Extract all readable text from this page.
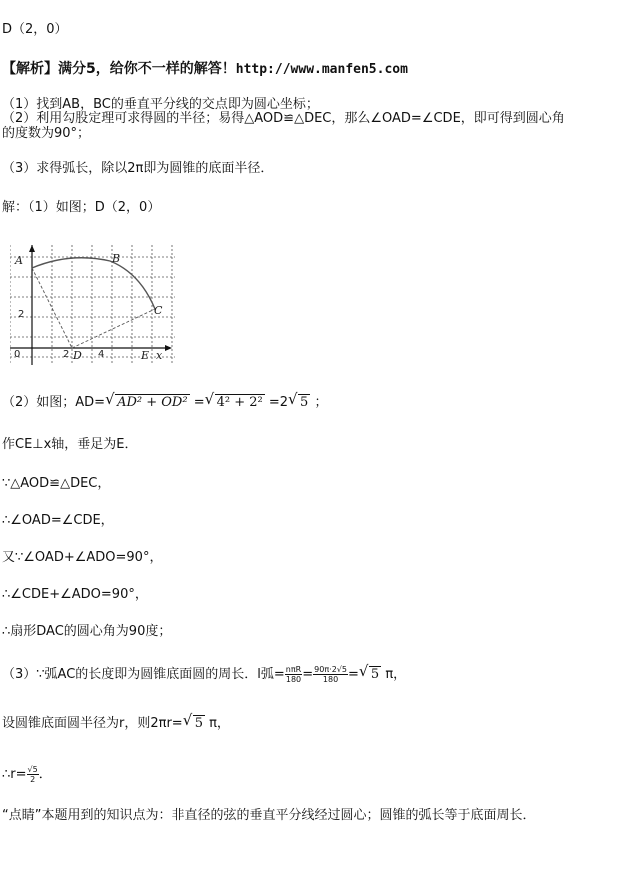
D（2，0）
【解析】满分5，给你不一样的解答！http://www.manfen5.com
（1）找到AB，BC的垂直平分线的交点即为圆心坐标；
（2）利用勾股定理可求得圆的半径；易得△AOD≌△DEC，那么∠OAD=∠CDE，即可得到圆心角
的度数为90°；
（3）求得弧长，除以2π即为圆锥的底面半径．
解：（1）如图；D（2，0）
A	B
C
D	E x
2
0	2	4
（2）如图；AD= √ AD² + OD² = √ 4² + 2² =2 √ 5 ；
作CE⊥x轴，垂足为E．
∵△AOD≌△DEC，
∴∠OAD=∠CDE，
又∵∠OAD+∠ADO=90°，
∴∠CDE+∠ADO=90°，
∴扇形DAC的圆心角为90度；
（3）∵弧AC的长度即为圆锥底面圆的周长．l弧= $\frac{\text{nπR}}{180} = \frac{90\pi\cdot 2√5}{180}$ = √ 5 π，
设圆锥底面圆半径为r，则2πr= √ 5 π，
∴r= $\frac{√5}{2}$ ．
“点睛”本题用到的知识点为：非直径的弦的垂直平分线经过圆心；圆锥的弧长等于底面周长．
